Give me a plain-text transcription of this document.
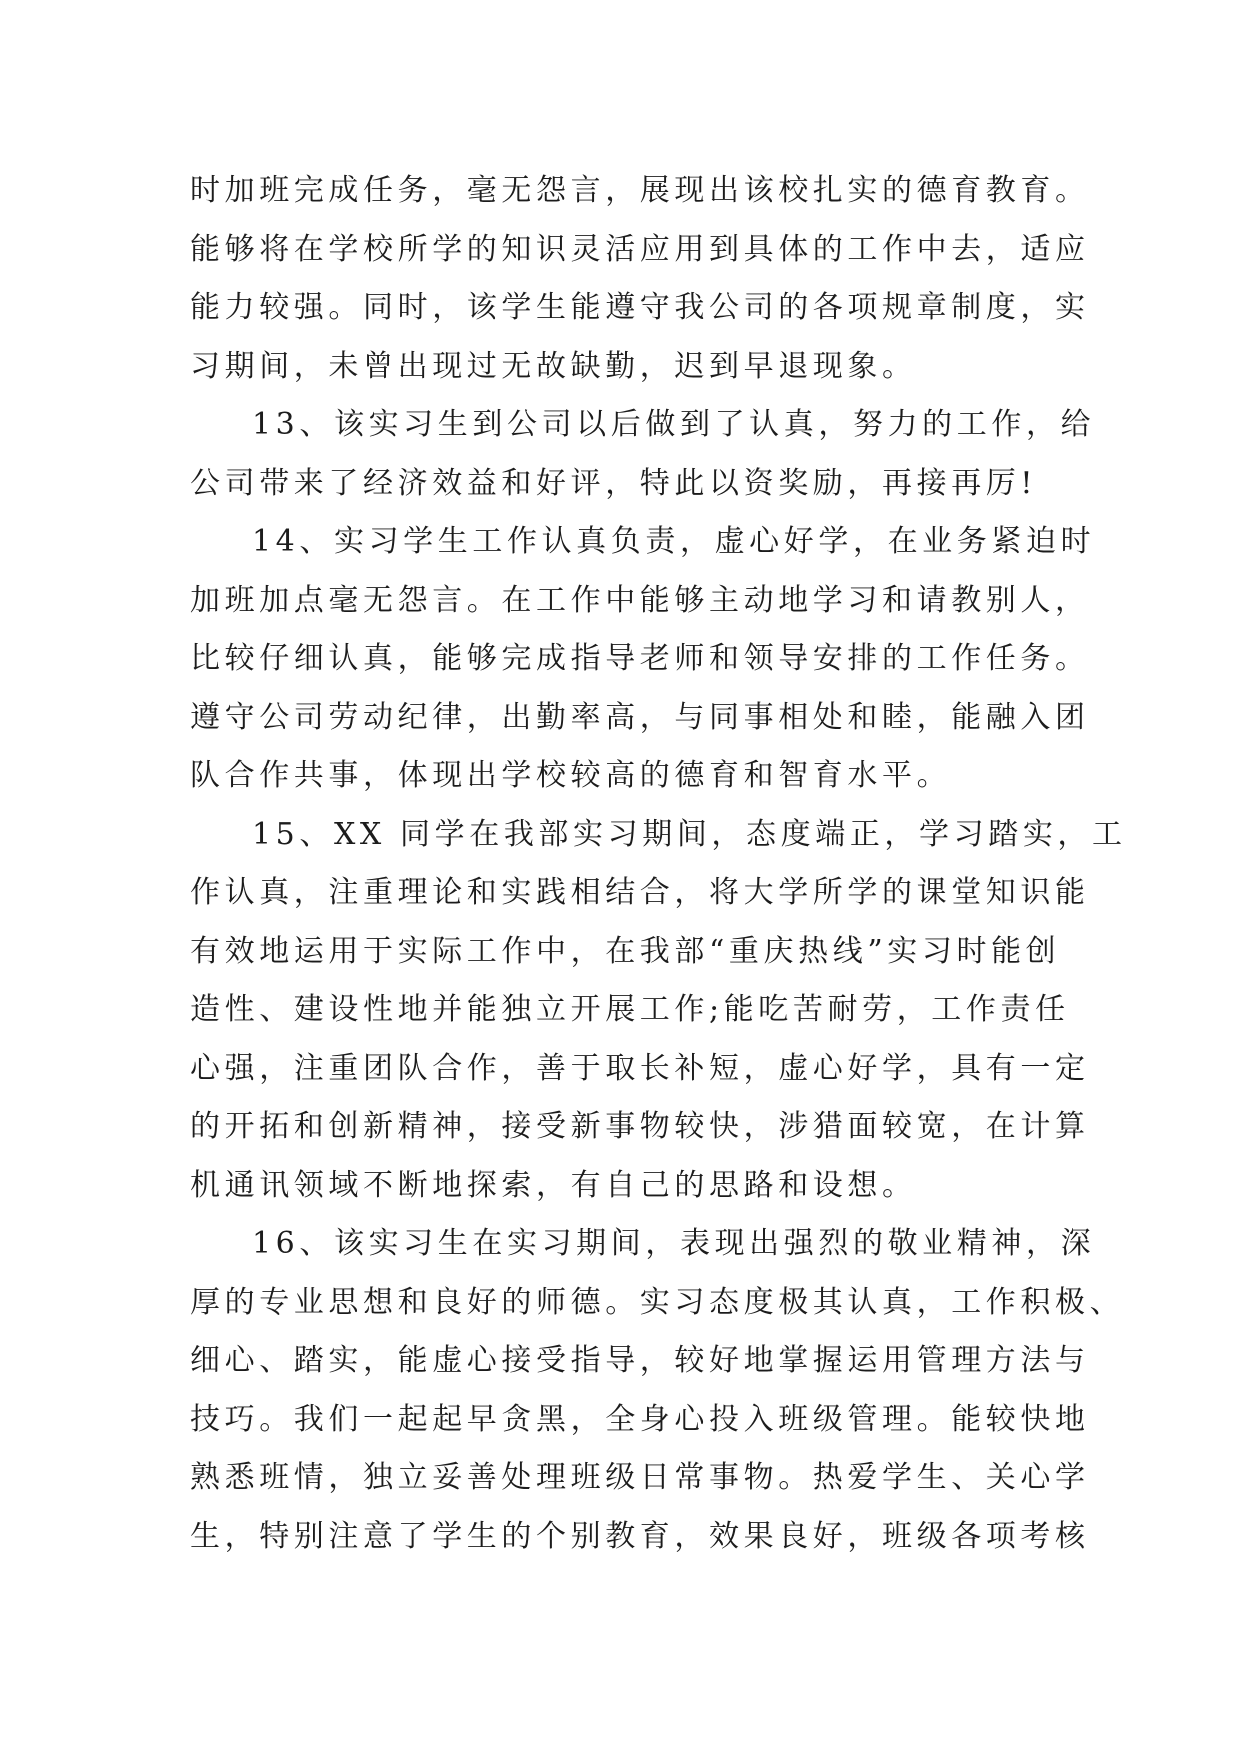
时加班完成任务，毫无怨言，展现出该校扎实的德育教育。
能够将在学校所学的知识灵活应用到具体的工作中去，适应
能力较强。同时，该学生能遵守我公司的各项规章制度，实
习期间，未曾出现过无故缺勤，迟到早退现象。
13、该实习生到公司以后做到了认真，努力的工作，给
公司带来了经济效益和好评，特此以资奖励，再接再厉!
14、实习学生工作认真负责，虚心好学，在业务紧迫时
加班加点毫无怨言。在工作中能够主动地学习和请教别人，
比较仔细认真，能够完成指导老师和领导安排的工作任务。
遵守公司劳动纪律，出勤率高，与同事相处和睦，能融入团
队合作共事，体现出学校较高的德育和智育水平。
15、XX 同学在我部实习期间，态度端正，学习踏实，工
作认真，注重理论和实践相结合，将大学所学的课堂知识能
有效地运用于实际工作中，在我部“重庆热线”实习时能创
造性、建设性地并能独立开展工作;能吃苦耐劳，工作责任
心强，注重团队合作，善于取长补短，虚心好学，具有一定
的开拓和创新精神，接受新事物较快，涉猎面较宽，在计算
机通讯领域不断地探索，有自己的思路和设想。
16、该实习生在实习期间，表现出强烈的敬业精神，深
厚的专业思想和良好的师德。实习态度极其认真，工作积极、
细心、踏实，能虚心接受指导，较好地掌握运用管理方法与
技巧。我们一起起早贪黑，全身心投入班级管理。能较快地
熟悉班情，独立妥善处理班级日常事物。热爱学生、关心学
生，特别注意了学生的个别教育，效果良好，班级各项考核
